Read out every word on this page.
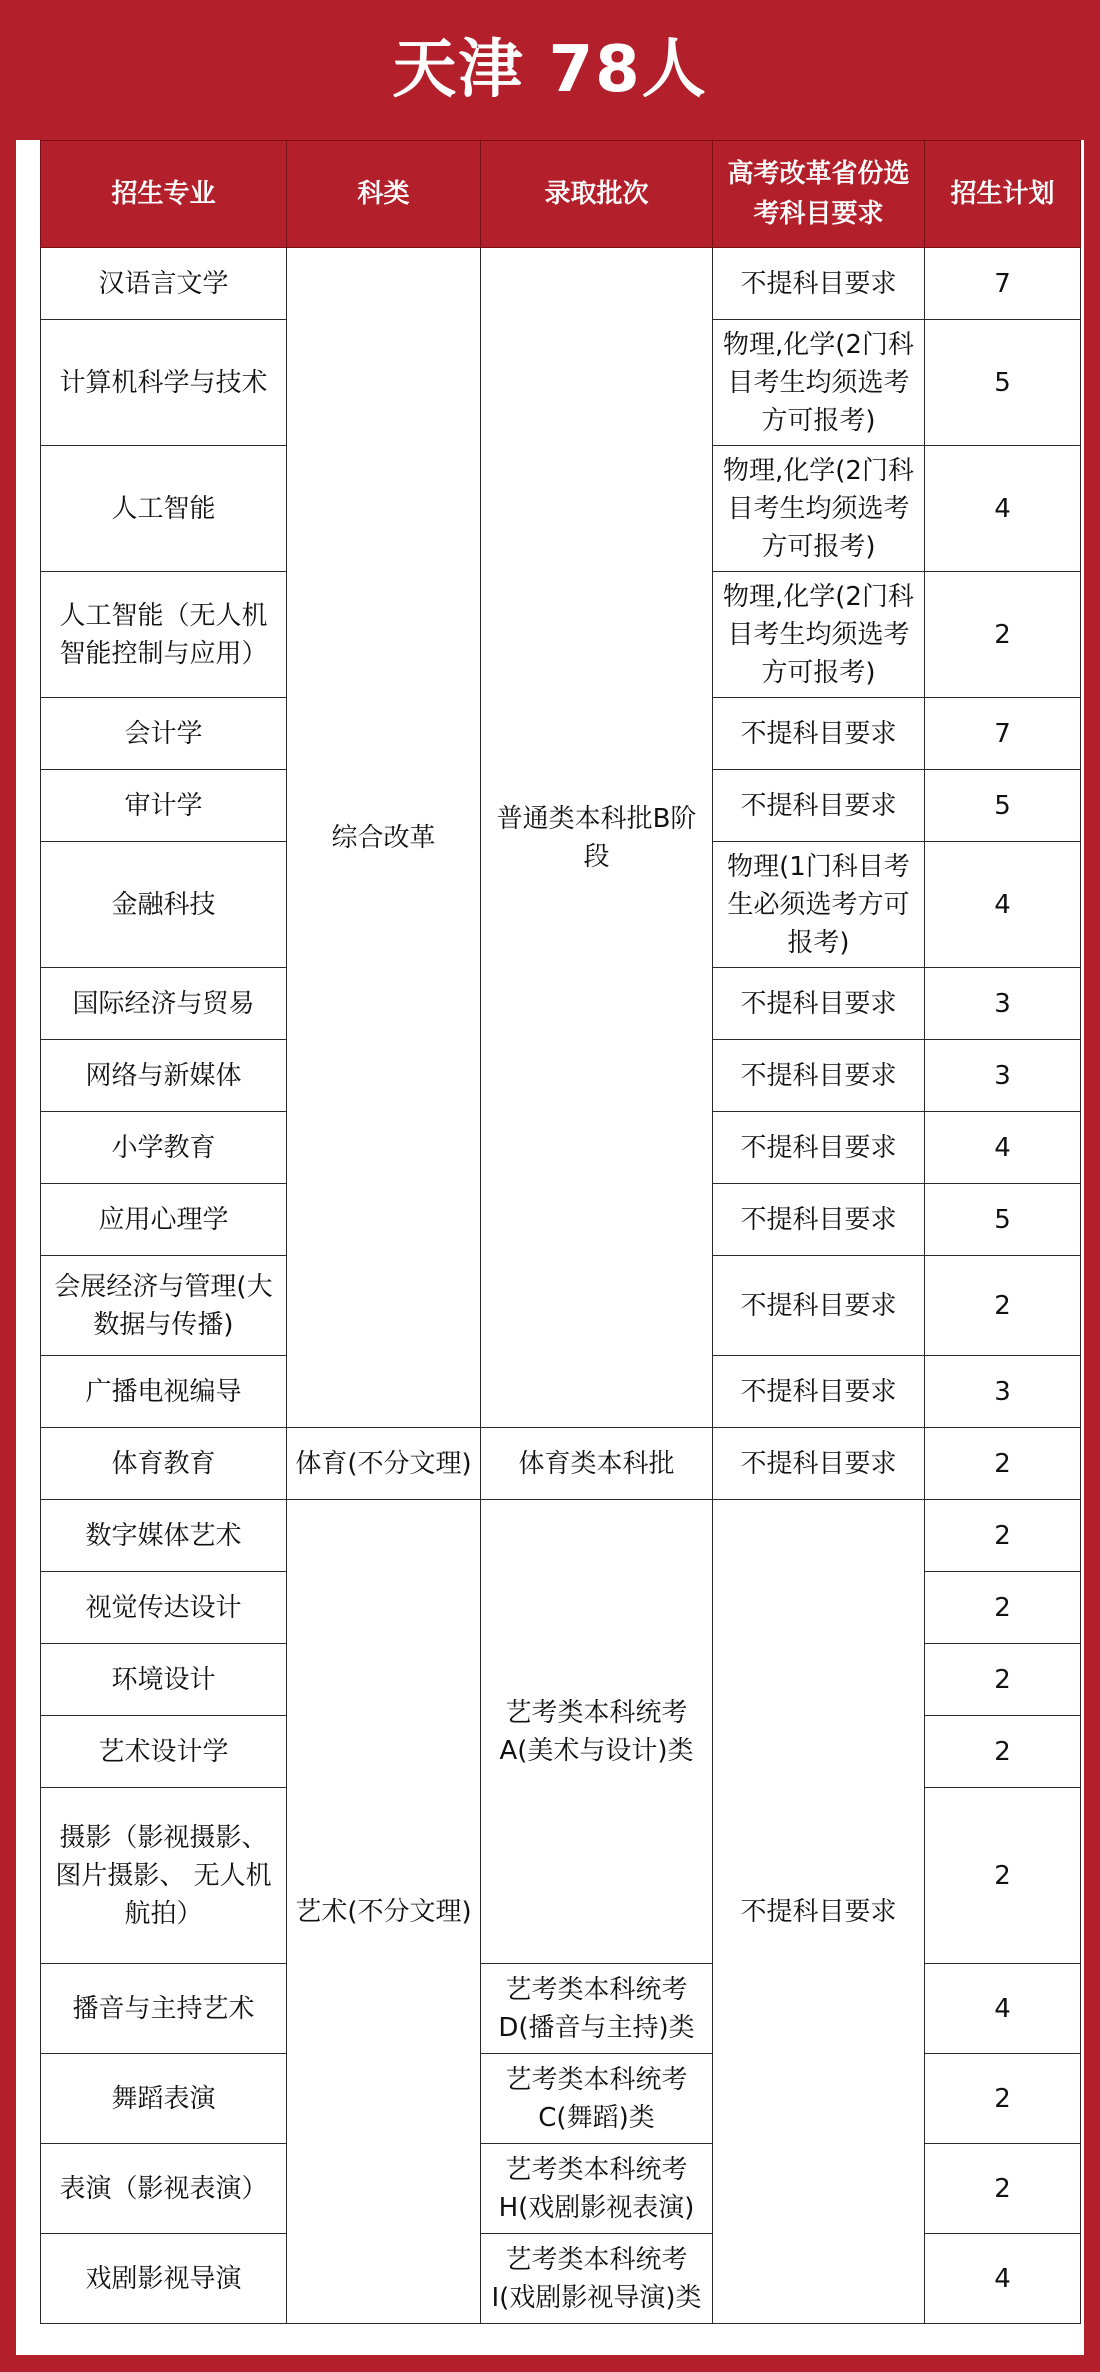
天津 78人
招生专业	科类	录取批次	高考改革省份选
考科目要求	招生计划
汉语言文学	综合改革	普通类本科批B阶段	不提科目要求	7
计算机科学与技术			物理,化学(2门科目考生均须选考方可报考)	5
人工智能			物理,化学(2门科目考生均须选考方可报考)	4
人工智能（无人机智能控制与应用）			物理,化学(2门科目考生均须选考方可报考)	2
会计学			不提科目要求	7
审计学			不提科目要求	5
金融科技			物理(1门科目考生必须选考方可报考)	4
国际经济与贸易			不提科目要求	3
网络与新媒体			不提科目要求	3
小学教育			不提科目要求	4
应用心理学			不提科目要求	5
会展经济与管理(大数据与传播)			不提科目要求	2
广播电视编导			不提科目要求	3
体育教育	体育(不分文理)	体育类本科批	不提科目要求	2
数字媒体艺术	艺术(不分文理)	艺考类本科统考A(美术与设计)类	不提科目要求	2
视觉传达设计				2
环境设计				2
艺术设计学				2
摄影（影视摄影、图片摄影、 无人机航拍）				2
播音与主持艺术		艺考类本科统考D(播音与主持)类		4
舞蹈表演		艺考类本科统考C(舞蹈)类		2
表演（影视表演）		艺考类本科统考H(戏剧影视表演)		2
戏剧影视导演		艺考类本科统考I(戏剧影视导演)类		4
